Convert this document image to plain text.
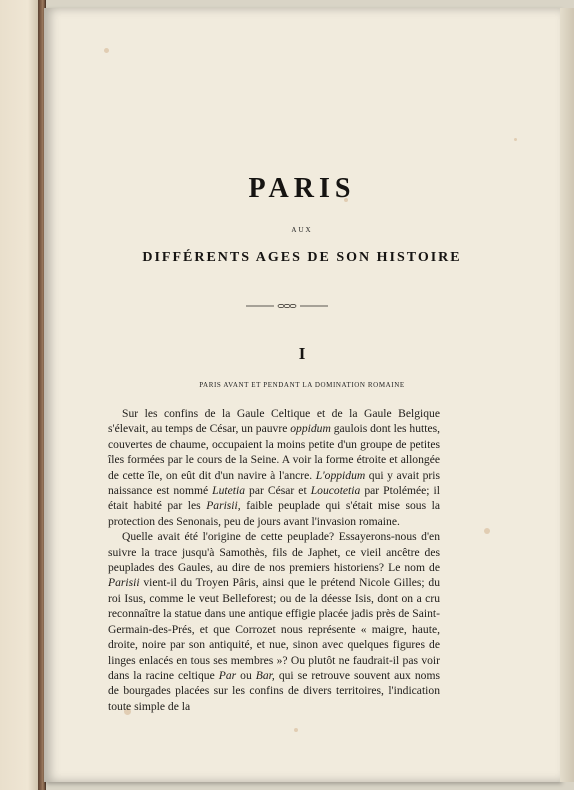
PARIS
AUX
DIFFÉRENTS AGES DE SON HISTOIRE
I
PARIS AVANT ET PENDANT LA DOMINATION ROMAINE

Sur les confins de la Gaule Celtique et de la Gaule Belgique s'élevait, au temps de César, un pauvre oppidum gaulois dont les huttes, couvertes de chaume, occupaient la moins petite d'un groupe de petites îles formées par le cours de la Seine. A voir la forme étroite et allongée de cette île, on eût dit d'un navire à l'ancre. L'oppidum qui y avait pris naissance est nommé Lutetia par César et Loucotetia par Ptolémée; il était habité par les Parisii, faible peuplade qui s'était mise sous la protection des Senonais, peu de jours avant l'invasion romaine.

Quelle avait été l'origine de cette peuplade? Essayerons-nous d'en suivre la trace jusqu'à Samothès, fils de Japhet, ce vieil ancêtre des peuplades des Gaules, au dire de nos premiers historiens? Le nom de Parisii vient-il du Troyen Pâris, ainsi que le prétend Nicole Gilles; du roi Isus, comme le veut Belleforest; ou de la déesse Isis, dont on a cru reconnaître la statue dans une antique effigie placée jadis près de Saint-Germain-des-Prés, et que Corrozet nous représente « maigre, haute, droite, noire par son antiquité, et nue, sinon avec quelques figures de linges enlacés en tous ses membres »? Ou plutôt ne faudrait-il pas voir dans la racine celtique Par ou Bar, qui se retrouve souvent aux noms de bourgades placées sur les confins de divers territoires, l'indication toute simple de la
